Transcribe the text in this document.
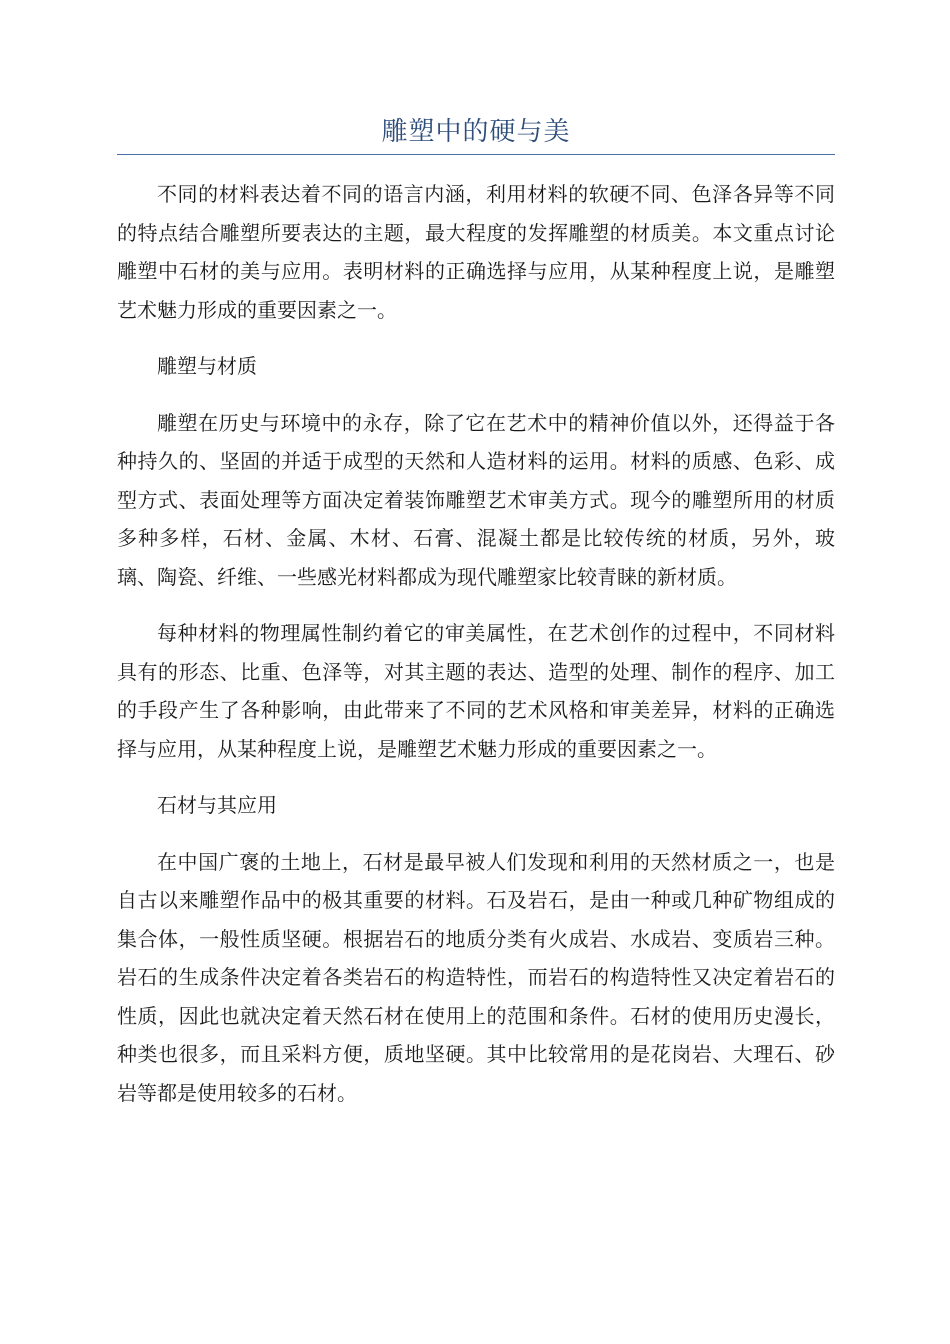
雕塑中的硬与美

不同的材料表达着不同的语言内涵，利用材料的软硬不同、色泽各异等不同的特点结合雕塑所要表达的主题，最大程度的发挥雕塑的材质美。本文重点讨论雕塑中石材的美与应用。表明材料的正确选择与应用，从某种程度上说，是雕塑艺术魅力形成的重要因素之一。

雕塑与材质

雕塑在历史与环境中的永存，除了它在艺术中的精神价值以外，还得益于各种持久的、坚固的并适于成型的天然和人造材料的运用。材料的质感、色彩、成型方式、表面处理等方面决定着装饰雕塑艺术审美方式。现今的雕塑所用的材质多种多样，石材、金属、木材、石膏、混凝土都是比较传统的材质，另外，玻璃、陶瓷、纤维、一些感光材料都成为现代雕塑家比较青睐的新材质。

每种材料的物理属性制约着它的审美属性，在艺术创作的过程中，不同材料具有的形态、比重、色泽等，对其主题的表达、造型的处理、制作的程序、加工的手段产生了各种影响，由此带来了不同的艺术风格和审美差异，材料的正确选择与应用，从某种程度上说，是雕塑艺术魅力形成的重要因素之一。

石材与其应用

在中国广褒的土地上，石材是最早被人们发现和利用的天然材质之一，也是自古以来雕塑作品中的极其重要的材料。石及岩石，是由一种或几种矿物组成的集合体，一般性质坚硬。根据岩石的地质分类有火成岩、水成岩、变质岩三种。岩石的生成条件决定着各类岩石的构造特性，而岩石的构造特性又决定着岩石的性质，因此也就决定着天然石材在使用上的范围和条件。石材的使用历史漫长，种类也很多，而且采料方便，质地坚硬。其中比较常用的是花岗岩、大理石、砂岩等都是使用较多的石材。
